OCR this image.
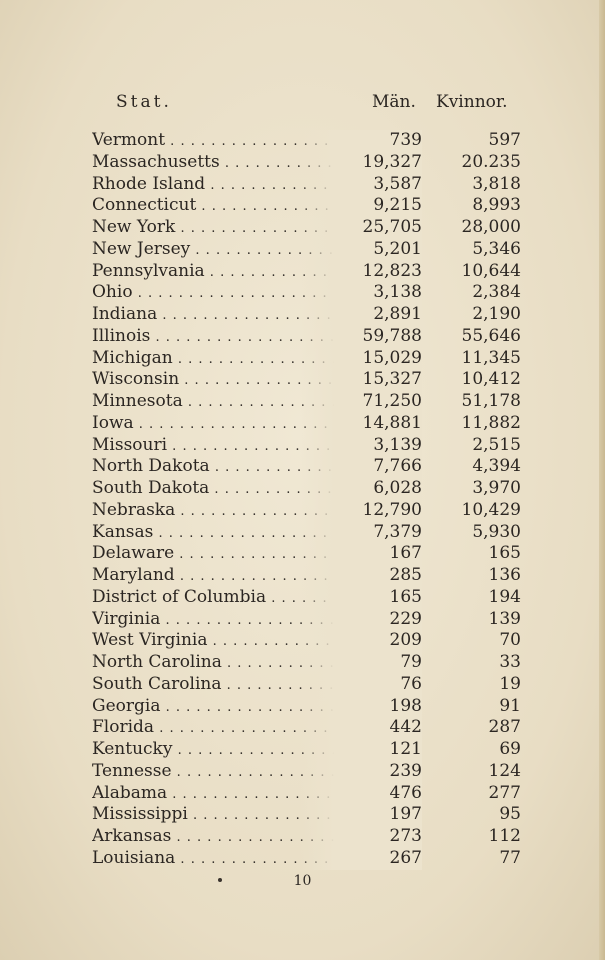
Stat.	Män. Kvinnor.
Vermont . . .	739	597
Massachusetts . . .	19,327	20.235
Rhode Island . . .	3,587	3,818
Connecticut . . .	9,215	8,993
New York . . .	25,705	28,000
New Jersey . . .	5,201	5,346
Pennsylvania . . .	12,823	10,644
Ohio . . .	3,138	2,384
Indiana . . .	2,891	2,190
Illinois . . .	59,788	55,646
Michigan . . .	15,029	11,345
Wisconsin . . .	15,327	10,412
Minnesota . . .	71,250	51,178
Iowa . . .	14,881	11,882
Missouri . . .	3,139	2,515
North Dakota . . .	7,766	4,394
South Dakota . . .	6,028	3,970
Nebraska . . .	12,790	10,429
Kansas . . .	7,379	5,930
Delaware . . .	167	165
Maryland . . .	285	136
District of Columbia . . .	165	194
Virginia . . .	229	139
West Virginia . . .	209	70
North Carolina . . .	79	33
South Carolina . . .	76	19
Georgia . . .	198	91
Florida . . .	442	287
Kentucky . . .	121	69
Tennesse . . .	239	124
Alabama . . .	476	277
Mississippi . . .	197	95
Arkansas . . .	273	112
Louisiana . . .	267	77
10
